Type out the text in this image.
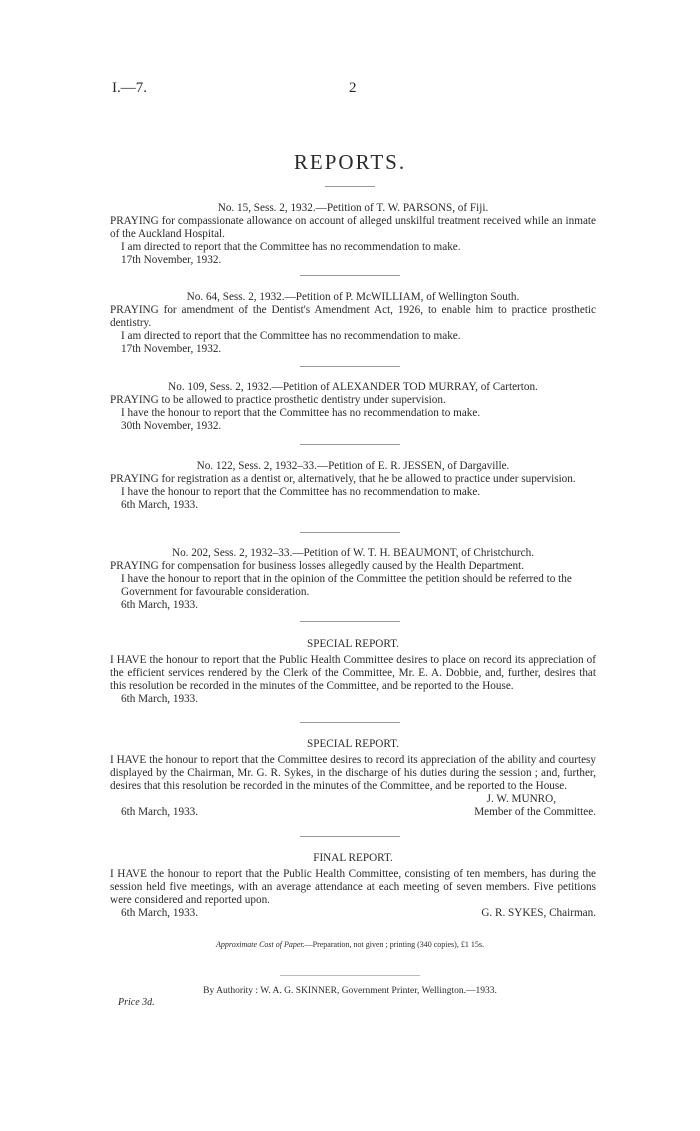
I.—7.	2
REPORTS.
No. 15, Sess. 2, 1932.—Petition of T. W. PARSONS, of Fiji.

PRAYING for compassionate allowance on account of alleged unskilful treatment received while an inmate of the Auckland Hospital.

I am directed to report that the Committee has no recommendation to make.
17th November, 1932.
No. 64, Sess. 2, 1932.—Petition of P. McWILLIAM, of Wellington South.

PRAYING for amendment of the Dentist's Amendment Act, 1926, to enable him to practice prosthetic dentistry.

I am directed to report that the Committee has no recommendation to make.
17th November, 1932.
No. 109, Sess. 2, 1932.—Petition of ALEXANDER TOD MURRAY, of Carterton.

PRAYING to be allowed to practice prosthetic dentistry under supervision.

I have the honour to report that the Committee has no recommendation to make.
30th November, 1932.
No. 122, Sess. 2, 1932–33.—Petition of E. R. JESSEN, of Dargaville.

PRAYING for registration as a dentist or, alternatively, that he be allowed to practice under supervision.

I have the honour to report that the Committee has no recommendation to make.
6th March, 1933.
No. 202, Sess. 2, 1932–33.—Petition of W. T. H. BEAUMONT, of Christchurch.

PRAYING for compensation for business losses allegedly caused by the Health Department.

I have the honour to report that in the opinion of the Committee the petition should be referred to the Government for favourable consideration.
6th March, 1933.
SPECIAL REPORT.

I HAVE the honour to report that the Public Health Committee desires to place on record its appreciation of the efficient services rendered by the Clerk of the Committee, Mr. E. A. Dobbie, and, further, desires that this resolution be recorded in the minutes of the Committee, and be reported to the House.

6th March, 1933.
SPECIAL REPORT.

I HAVE the honour to report that the Committee desires to record its appreciation of the ability and courtesy displayed by the Chairman, Mr. G. R. Sykes, in the discharge of his duties during the session ; and, further, desires that this resolution be recorded in the minutes of the Committee, and be reported to the House.

J. W. MUNRO,
6th March, 1933.	Member of the Committee.
FINAL REPORT.

I HAVE the honour to report that the Public Health Committee, consisting of ten members, has during the session held five meetings, with an average attendance at each meeting of seven members. Five petitions were considered and reported upon.

6th March, 1933.	G. R. SYKES, Chairman.
Approximate Cost of Paper.—Preparation, not given ; printing (340 copies), £1 15s.
By Authority : W. A. G. SKINNER, Government Printer, Wellington.—1933.
Price 3d.
